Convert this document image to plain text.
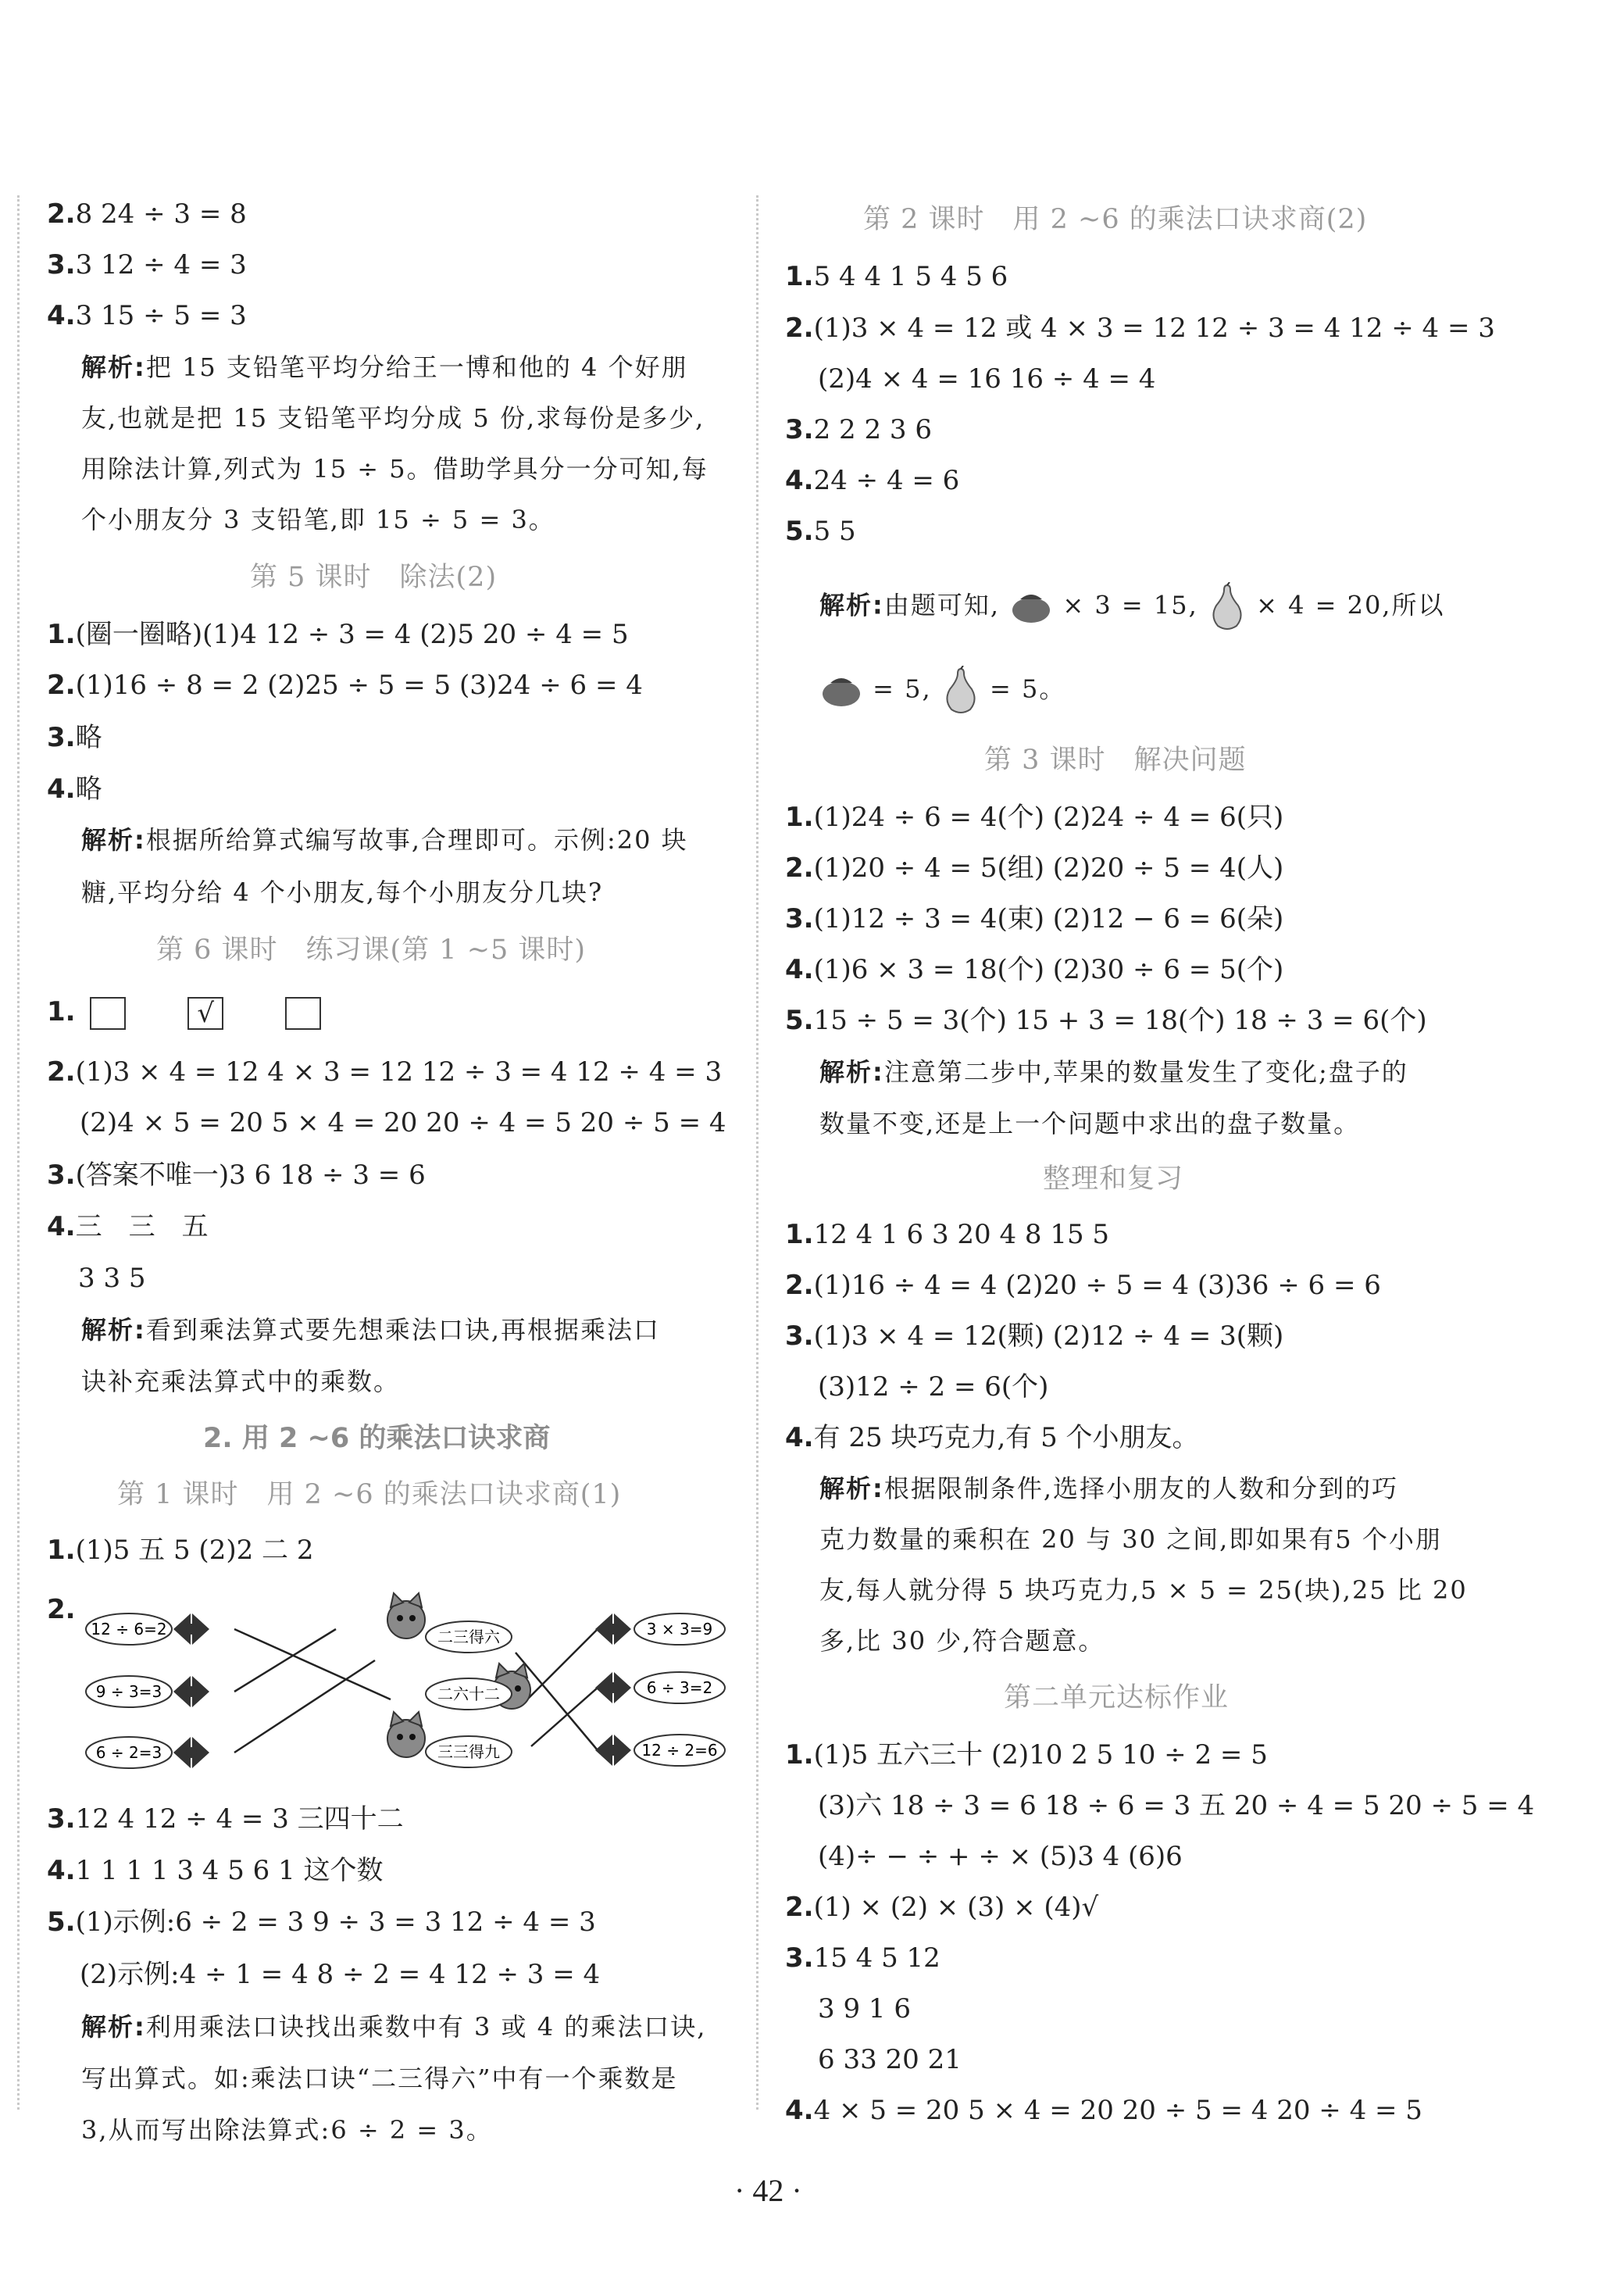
2.8 24 ÷ 3 = 8
3.3 12 ÷ 4 = 3
4.3 15 ÷ 5 = 3
解析:把 15 支铅笔平均分给王一博和他的 4 个好朋
友,也就是把 15 支铅笔平均分成 5 份,求每份是多少,
用除法计算,列式为 15 ÷ 5。借助学具分一分可知,每
个小朋友分 3 支铅笔,即 15 ÷ 5 = 3。
第 5 课时　除法(2)
1.(圈一圈略)(1)4 12 ÷ 3 = 4 (2)5 20 ÷ 4 = 5
2.(1)16 ÷ 8 = 2 (2)25 ÷ 5 = 5 (3)24 ÷ 6 = 4
3.略
4.略
解析:根据所给算式编写故事,合理即可。示例:20 块
糖,平均分给 4 个小朋友,每个小朋友分几块?
第 6 课时　练习课(第 1 ~5 课时)
1.	√
2.(1)3 × 4 = 12 4 × 3 = 12 12 ÷ 3 = 4 12 ÷ 4 = 3
(2)4 × 5 = 20 5 × 4 = 20 20 ÷ 4 = 5 20 ÷ 5 = 4
3.(答案不唯一)3 6 18 ÷ 3 = 6
4.三　三　五
3 3 5
解析:看到乘法算式要先想乘法口诀,再根据乘法口
诀补充乘法算式中的乘数。
2. 用 2 ~6 的乘法口诀求商
第 1 课时　用 2 ~6 的乘法口诀求商(1)
1.(1)5 五 5 (2)2 二 2
2.
12 ÷ 6=2
9 ÷ 3=3
6 ÷ 2=3
二三得六
二六十二
三三得九
3 × 3=9
6 ÷ 3=2
12 ÷ 2=6
3.12 4 12 ÷ 4 = 3 三四十二
4.1 1 1 1 3 4 5 6 1 这个数
5.(1)示例:6 ÷ 2 = 3 9 ÷ 3 = 3 12 ÷ 4 = 3
(2)示例:4 ÷ 1 = 4 8 ÷ 2 = 4 12 ÷ 3 = 4
解析:利用乘法口诀找出乘数中有 3 或 4 的乘法口诀,
写出算式。如:乘法口诀“二三得六”中有一个乘数是
3,从而写出除法算式:6 ÷ 2 = 3。
第 2 课时　用 2 ~6 的乘法口诀求商(2)
1.5 4 4 1 5 4 5 6
2.(1)3 × 4 = 12 或 4 × 3 = 12 12 ÷ 3 = 4 12 ÷ 4 = 3
(2)4 × 4 = 16 16 ÷ 4 = 4
3.2 2 2 3 6
4.24 ÷ 4 = 6
5.5 5
解析:由题可知,	× 3 = 15, × 4 = 20,所以
= 5, = 5。
第 3 课时　解决问题
1.(1)24 ÷ 6 = 4(个) (2)24 ÷ 4 = 6(只)
2.(1)20 ÷ 4 = 5(组) (2)20 ÷ 5 = 4(人)
3.(1)12 ÷ 3 = 4(束) (2)12 − 6 = 6(朵)
4.(1)6 × 3 = 18(个) (2)30 ÷ 6 = 5(个)
5.15 ÷ 5 = 3(个) 15 + 3 = 18(个) 18 ÷ 3 = 6(个)
解析:注意第二步中,苹果的数量发生了变化;盘子的
数量不变,还是上一个问题中求出的盘子数量。
整理和复习
1.12 4 1 6 3 20 4 8 15 5
2.(1)16 ÷ 4 = 4 (2)20 ÷ 5 = 4 (3)36 ÷ 6 = 6
3.(1)3 × 4 = 12(颗) (2)12 ÷ 4 = 3(颗)
(3)12 ÷ 2 = 6(个)
4.有 25 块巧克力,有 5 个小朋友。
解析:根据限制条件,选择小朋友的人数和分到的巧
克力数量的乘积在 20 与 30 之间,即如果有5 个小朋
友,每人就分得 5 块巧克力,5 × 5 = 25(块),25 比 20
多,比 30 少,符合题意。
第二单元达标作业
1.(1)5 五六三十 (2)10 2 5 10 ÷ 2 = 5
(3)六 18 ÷ 3 = 6 18 ÷ 6 = 3 五 20 ÷ 4 = 5 20 ÷ 5 = 4
(4)÷ − ÷ + ÷ × (5)3 4 (6)6
2.(1) × (2) × (3) × (4)√
3.15 4 5 12
3 9 1 6
6 33 20 21
4.4 × 5 = 20 5 × 4 = 20 20 ÷ 5 = 4 20 ÷ 4 = 5
· 42 ·
